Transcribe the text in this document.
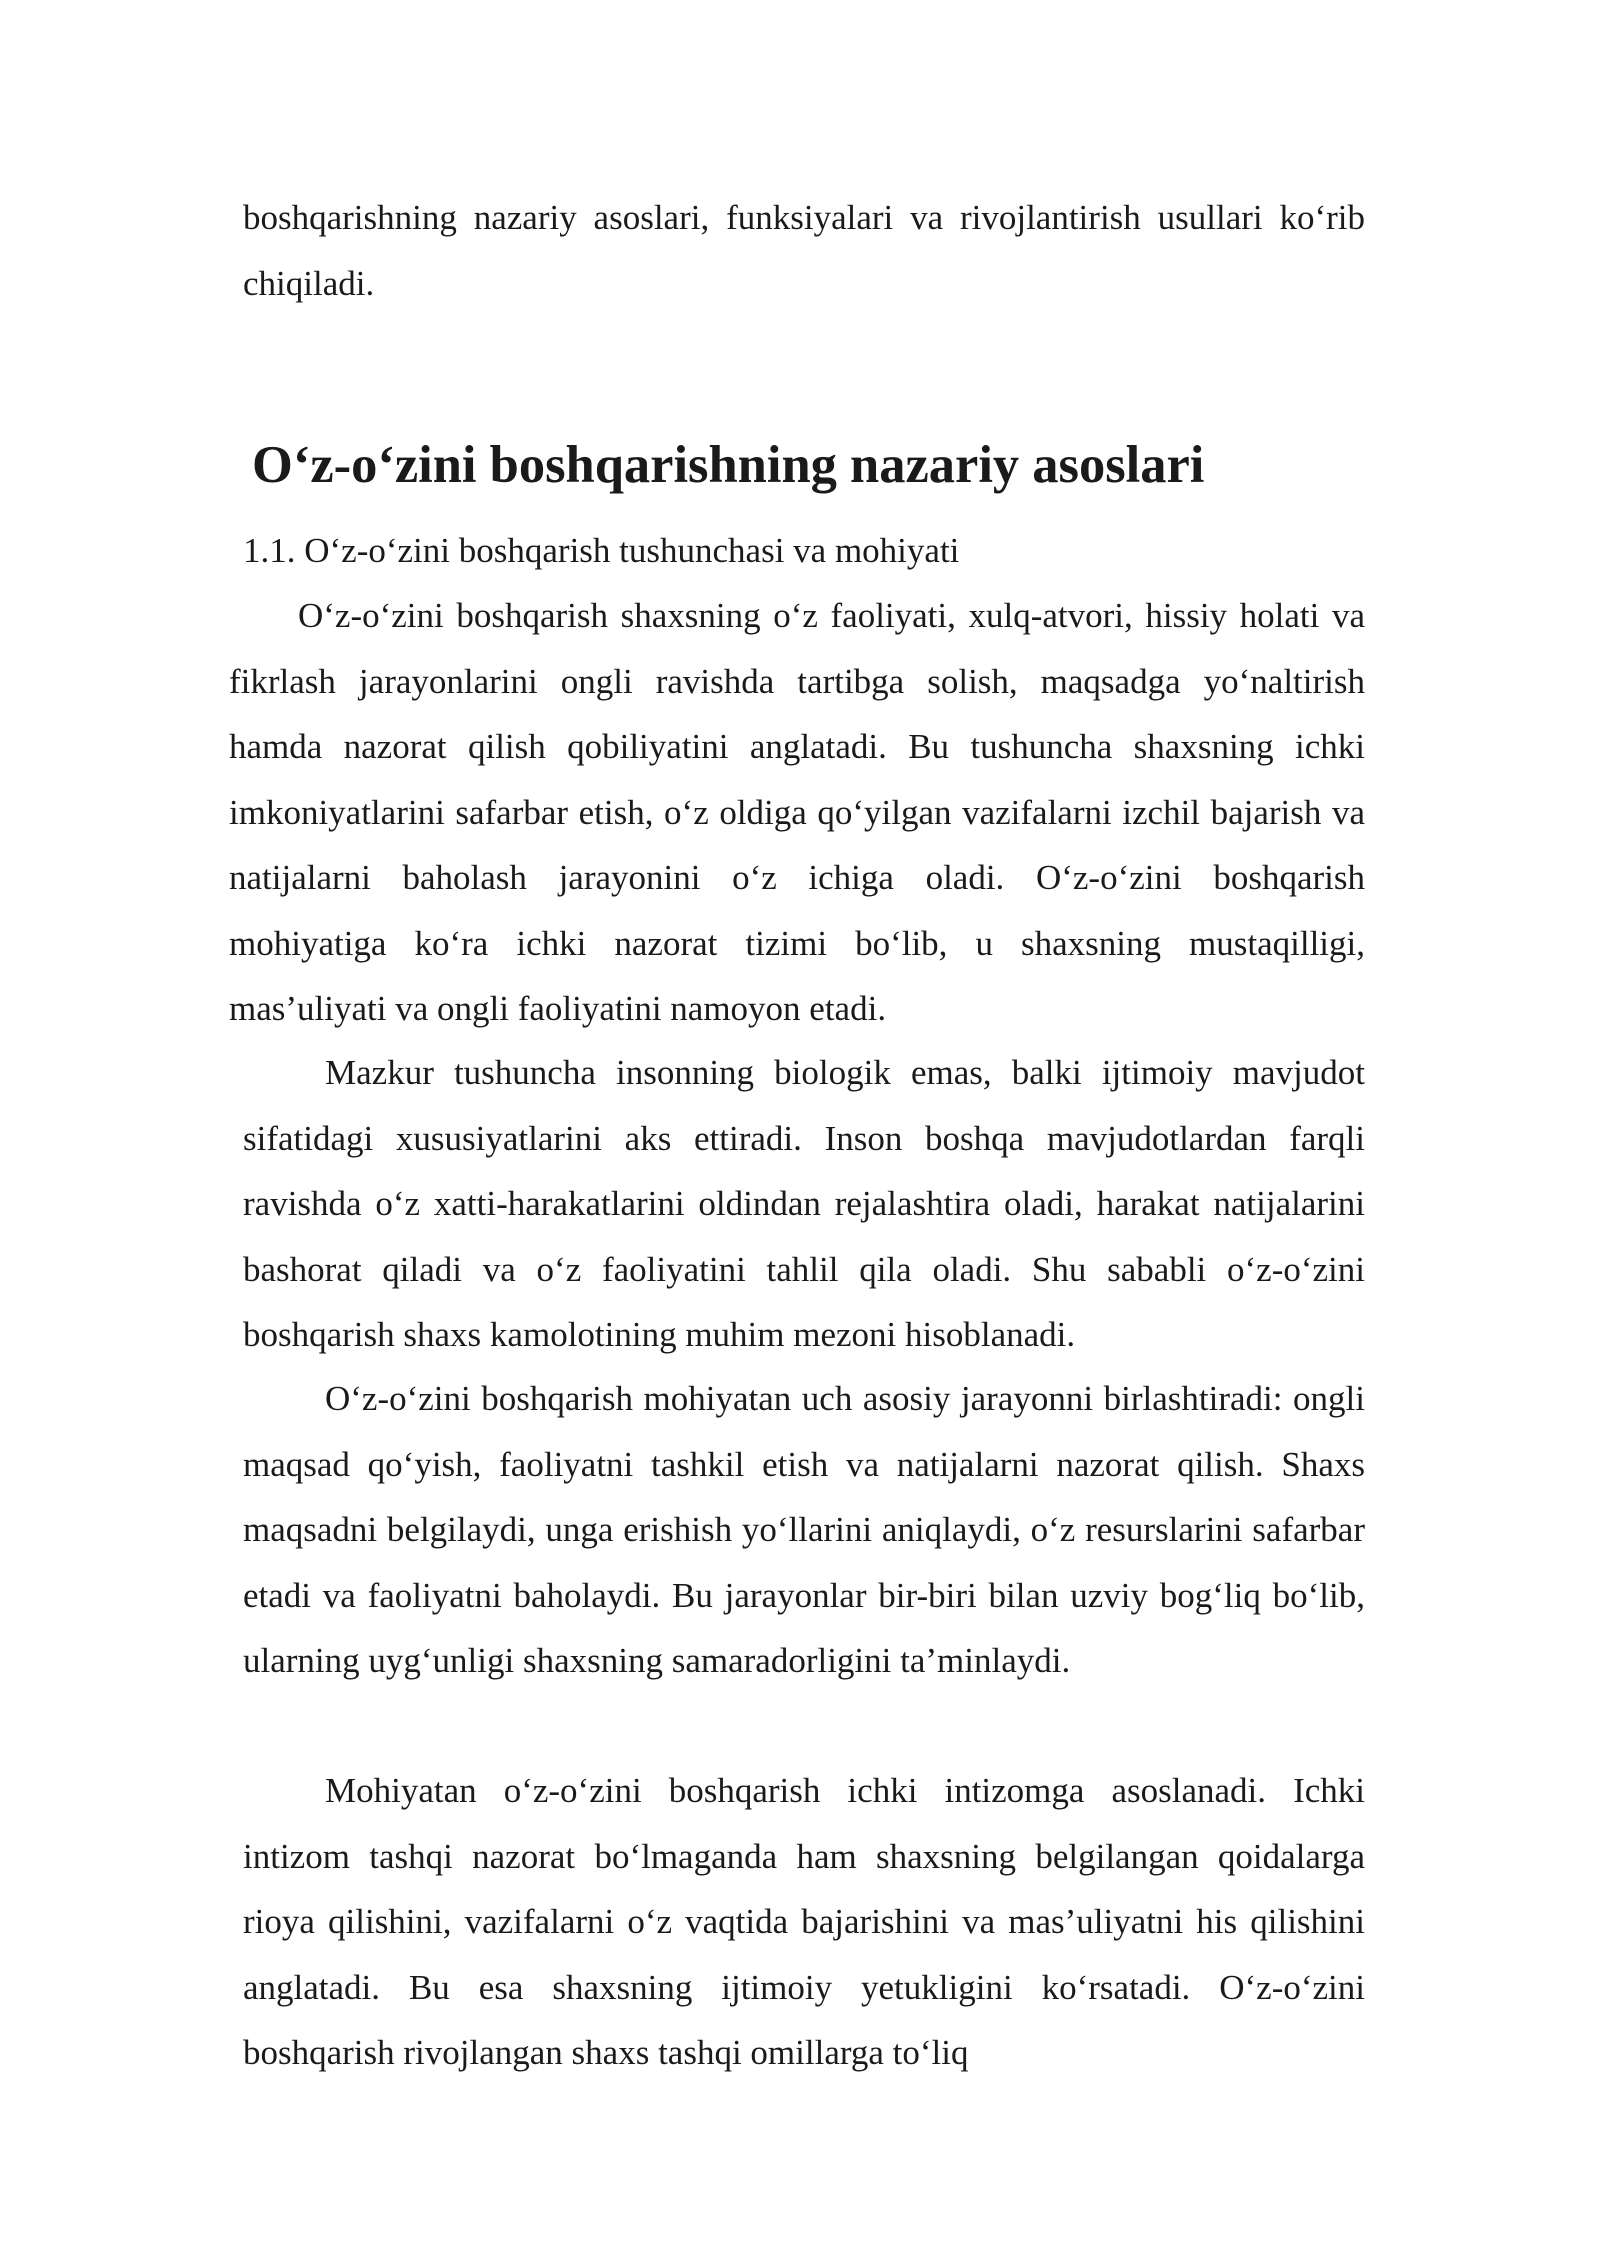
boshqarishning nazariy asoslari, funksiyalari va rivojlantirish usullari ko‘rib chiqiladi.

O‘z-o‘zini boshqarishning nazariy asoslari

1.1. O‘z-o‘zini boshqarish tushunchasi va mohiyati

O‘z-o‘zini boshqarish shaxsning o‘z faoliyati, xulq-atvori, hissiy holati va fikrlash jarayonlarini ongli ravishda tartibga solish, maqsadga yo‘naltirish hamda nazorat qilish qobiliyatini anglatadi. Bu tushuncha shaxsning ichki imkoniyatlarini safarbar etish, o‘z oldiga qo‘yilgan vazifalarni izchil bajarish va natijalarni baholash jarayonini o‘z ichiga oladi. O‘z-o‘zini boshqarish mohiyatiga ko‘ra ichki nazorat tizimi bo‘lib, u shaxsning mustaqilligi, mas’uliyati va ongli faoliyatini namoyon etadi.

Mazkur tushuncha insonning biologik emas, balki ijtimoiy mavjudot sifatidagi xususiyatlarini aks ettiradi. Inson boshqa mavjudotlardan farqli ravishda o‘z xatti-harakatlarini oldindan rejalashtira oladi, harakat natijalarini bashorat qiladi va o‘z faoliyatini tahlil qila oladi. Shu sababli o‘z-o‘zini boshqarish shaxs kamolotining muhim mezoni hisoblanadi.

O‘z-o‘zini boshqarish mohiyatan uch asosiy jarayonni birlashtiradi: ongli maqsad qo‘yish, faoliyatni tashkil etish va natijalarni nazorat qilish. Shaxs maqsadni belgilaydi, unga erishish yo‘llarini aniqlaydi, o‘z resurslarini safarbar etadi va faoliyatni baholaydi. Bu jarayonlar bir-biri bilan uzviy bog‘liq bo‘lib, ularning uyg‘unligi shaxsning samaradorligini ta’minlaydi.

Mohiyatan o‘z-o‘zini boshqarish ichki intizomga asoslanadi. Ichki intizom tashqi nazorat bo‘lmaganda ham shaxsning belgilangan qoidalarga rioya qilishini, vazifalarni o‘z vaqtida bajarishini va mas’uliyatni his qilishini anglatadi. Bu esa shaxsning ijtimoiy yetukligini ko‘rsatadi. O‘z-o‘zini boshqarish rivojlangan shaxs tashqi omillarga to‘liq
